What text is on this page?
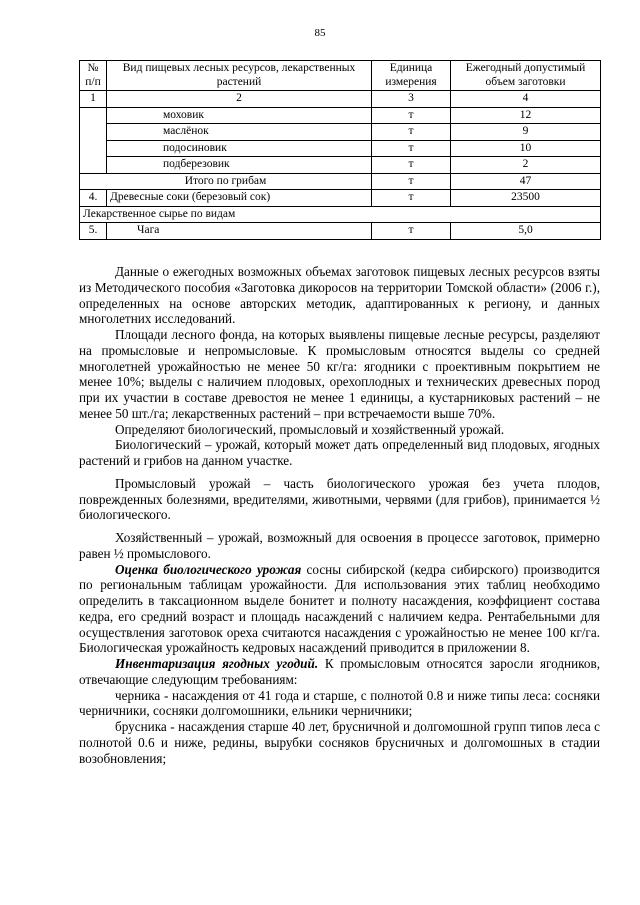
85
№ п/п	Вид пищевых лесных ресурсов, лекарственных растений	Единица измерения	Ежегодный допустимый объем заготовки
1	2	3	4
	моховик	т	12
	маслёнок	т	9
	подосиновик	т	10
	подберезовик	т	2
Итого по грибам		т	47
4.	Древесные соки (березовый сок)	т	23500
Лекарственное сырье по видам			
5.	Чага	т	5,0

Данные о ежегодных возможных объемах заготовок пищевых лесных ресурсов взяты из Методического пособия «Заготовка дикоросов на территории Томской области» (2006 г.), определенных на основе авторских методик, адаптированных к региону, и данных многолетних исследований.

Площади лесного фонда, на которых выявлены пищевые лесные ресурсы, разделяют на промысловые и непромысловые. К промысловым относятся выделы со средней многолетней урожайностью не менее 50 кг/га: ягодники с проективным покрытием не менее 10%; выделы с наличием плодовых, орехоплодных и технических древесных пород при их участии в составе древостоя не менее 1 единицы, а кустарниковых растений – не менее 50 шт./га; лекарственных растений – при встречаемости выше 70%.

Определяют биологический, промысловый и хозяйственный урожай.

Биологический – урожай, который может дать определенный вид плодовых, ягодных растений и грибов на данном участке.

Промысловый урожай – часть биологического урожая без учета плодов, поврежденных болезнями, вредителями, животными, червями (для грибов), принимается ½ биологического.

Хозяйственный – урожай, возможный для освоения в процессе заготовок, примерно равен ½ промыслового.

Оценка биологического урожая сосны сибирской (кедра сибирского) производится по региональным таблицам урожайности. Для использования этих таблиц необходимо определить в таксационном выделе бонитет и полноту насаждения, коэффициент состава кедра, его средний возраст и площадь насаждений с наличием кедра. Рентабельными для осуществления заготовок ореха считаются насаждения с урожайностью не менее 100 кг/га. Биологическая урожайность кедровых насаждений приводится в приложении 8.

Инвентаризация ягодных угодий. К промысловым относятся заросли ягодников, отвечающие следующим требованиям:

черника - насаждения от 41 года и старше, с полнотой 0.8 и ниже типы леса: сосняки черничники, сосняки долгомошники, ельники черничники;

брусника - насаждения старше 40 лет, брусничной и долгомошной групп типов леса с полнотой 0.6 и ниже, редины, вырубки сосняков брусничных и долгомошных в стадии возобновления;
